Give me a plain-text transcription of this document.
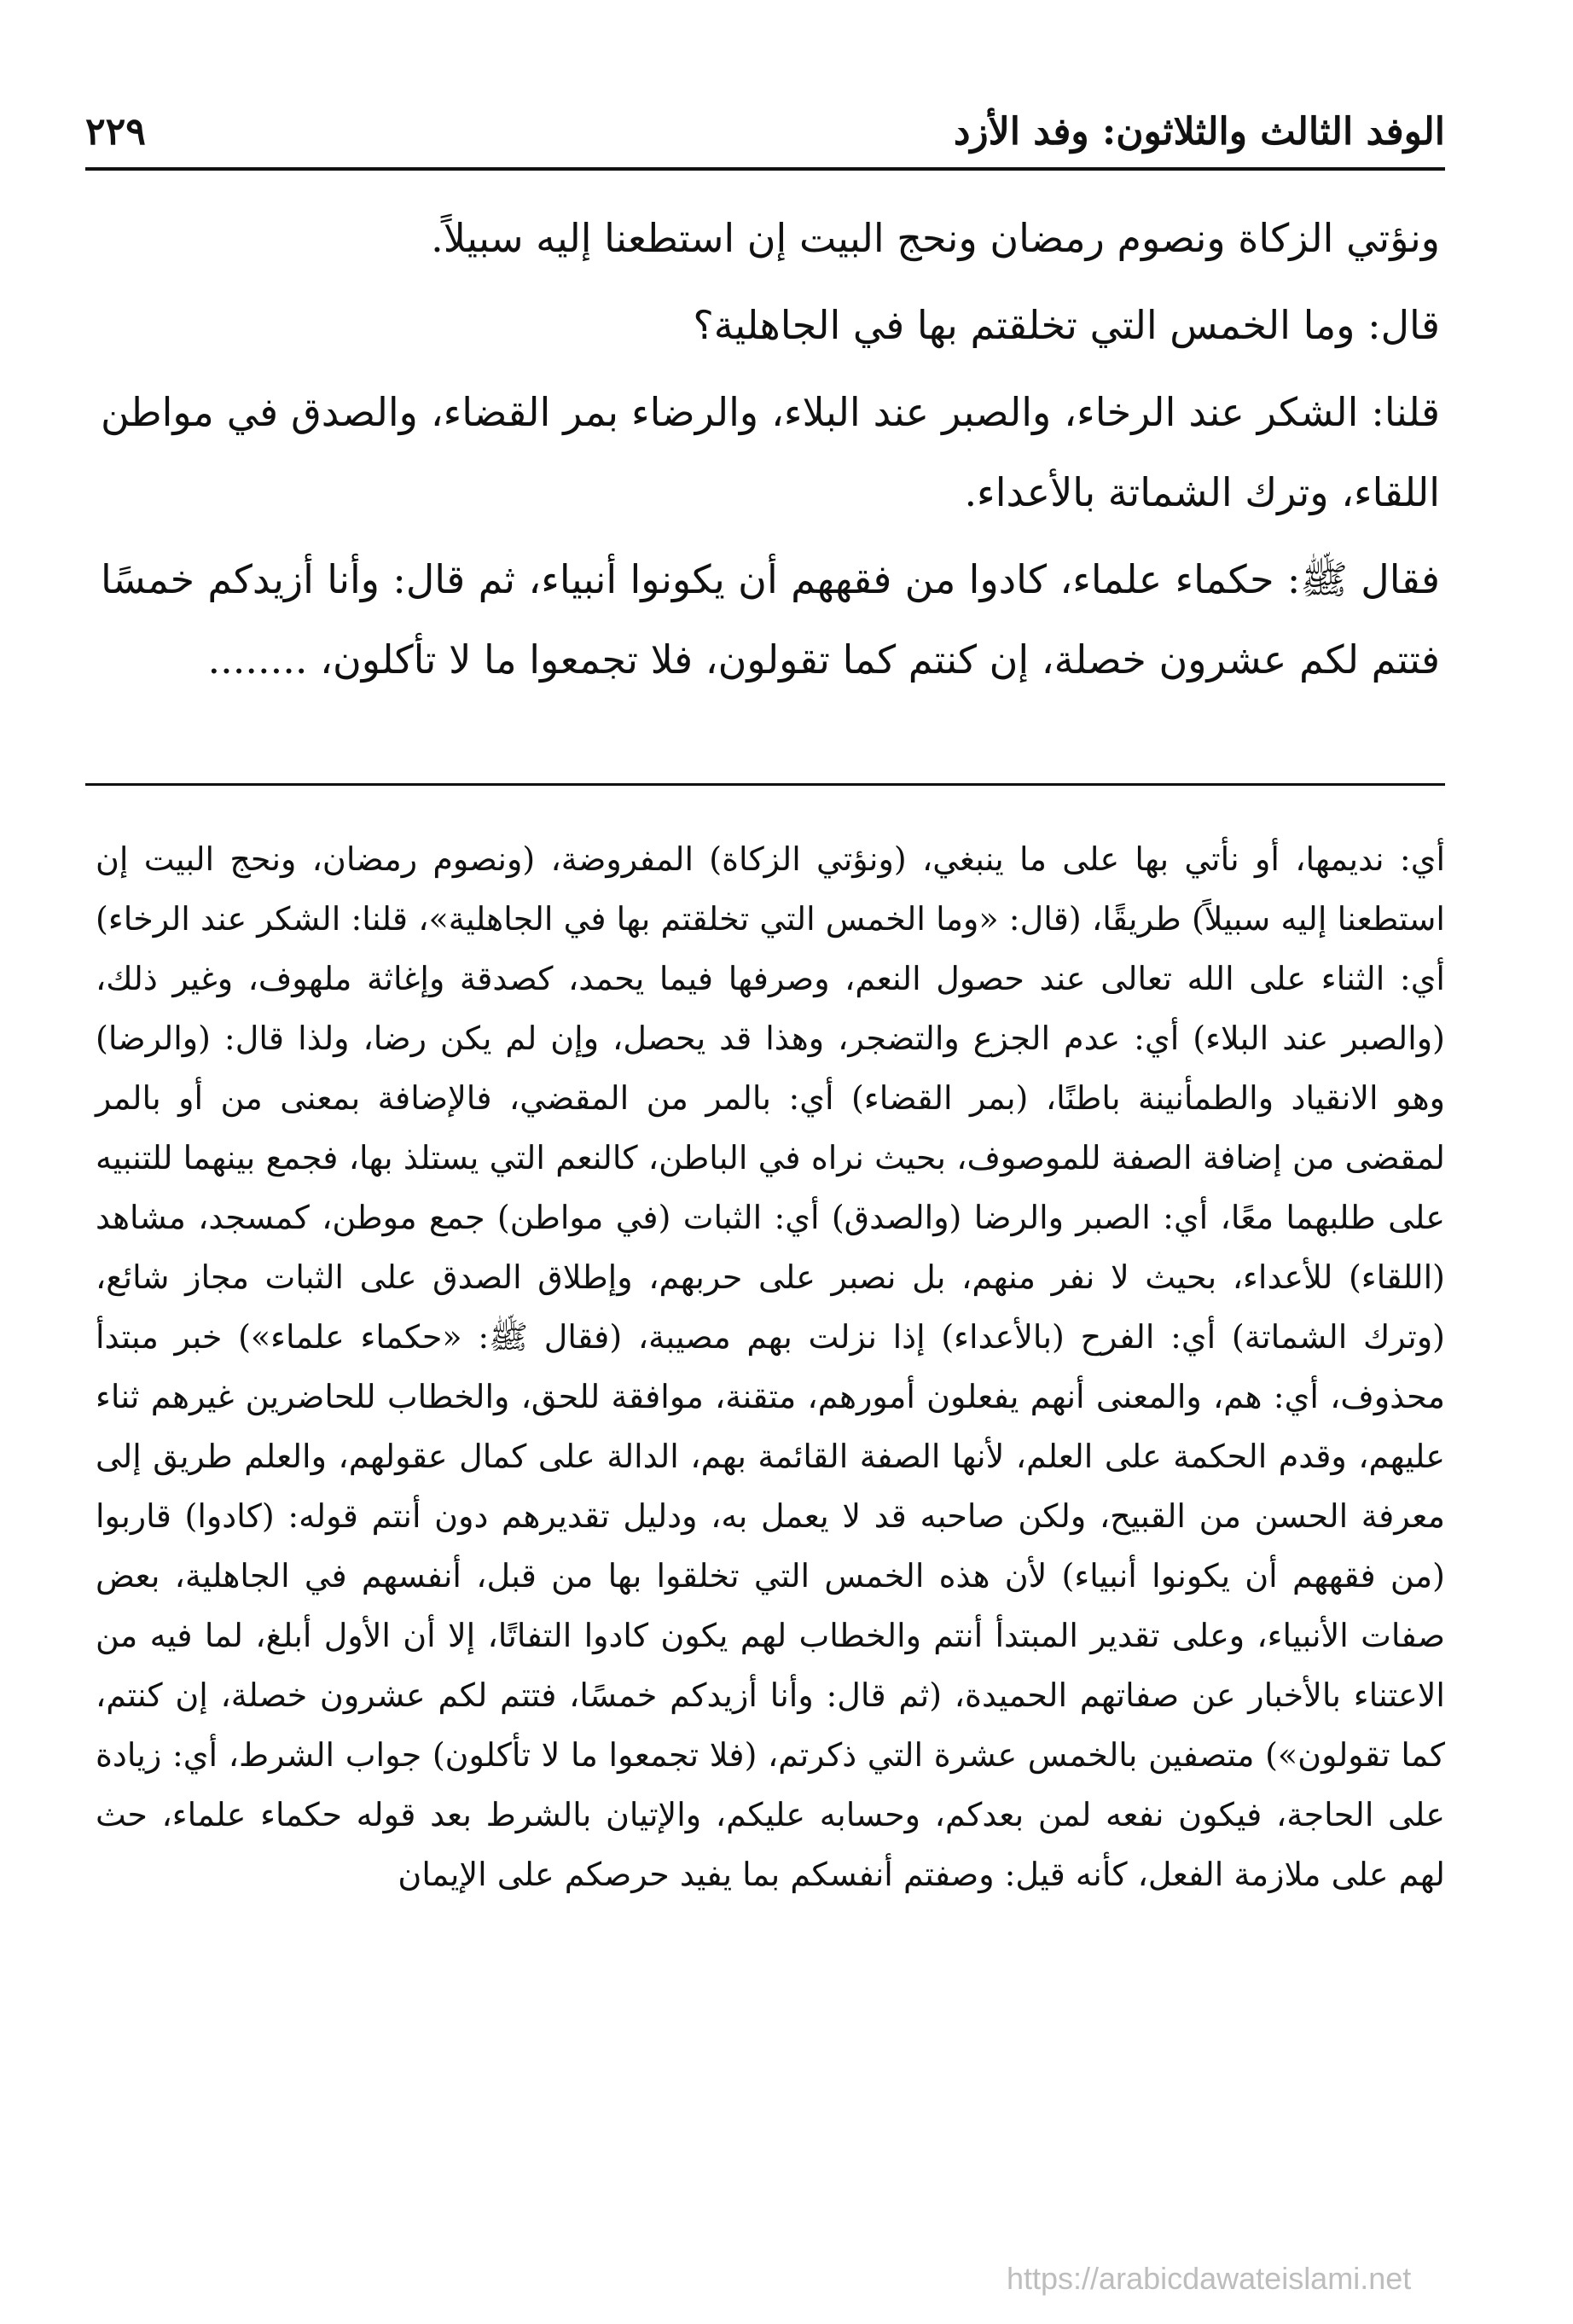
الوفد الثالث والثلاثون: وفد الأزد
٢٢٩

ونؤتي الزكاة ونصوم رمضان ونحج البيت إن استطعنا إليه سبيلاً.

قال: وما الخمس التي تخلقتم بها في الجاهلية؟

قلنا: الشكر عند الرخاء، والصبر عند البلاء، والرضاء بمر القضاء، والصدق في مواطن اللقاء، وترك الشماتة بالأعداء.

فقال ﷺ: حكماء علماء، كادوا من فقههم أن يكونوا أنبياء، ثم قال: وأنا أزيدكم خمسًا فتتم لكم عشرون خصلة، إن كنتم كما تقولون، فلا تجمعوا ما لا تأكلون، ........

أي: نديمها، أو نأتي بها على ما ينبغي، (ونؤتي الزكاة) المفروضة، (ونصوم رمضان، ونحج البيت إن استطعنا إليه سبيلاً) طريقًا، (قال: «وما الخمس التي تخلقتم بها في الجاهلية»، قلنا: الشكر عند الرخاء) أي: الثناء على الله تعالى عند حصول النعم، وصرفها فيما يحمد، كصدقة وإغاثة ملهوف، وغير ذلك، (والصبر عند البلاء) أي: عدم الجزع والتضجر، وهذا قد يحصل، وإن لم يكن رضا، ولذا قال: (والرضا) وهو الانقياد والطمأنينة باطنًا، (بمر القضاء) أي: بالمر من المقضي، فالإضافة بمعنى من أو بالمر لمقضى من إضافة الصفة للموصوف، بحيث نراه في الباطن، كالنعم التي يستلذ بها، فجمع بينهما للتنبيه على طلبهما معًا، أي: الصبر والرضا (والصدق) أي: الثبات (في مواطن) جمع موطن، كمسجد، مشاهد (اللقاء) للأعداء، بحيث لا نفر منهم، بل نصبر على حربهم، وإطلاق الصدق على الثبات مجاز شائع، (وترك الشماتة) أي: الفرح (بالأعداء) إذا نزلت بهم مصيبة، (فقال ﷺ: «حكماء علماء») خبر مبتدأ محذوف، أي: هم، والمعنى أنهم يفعلون أمورهم، متقنة، موافقة للحق، والخطاب للحاضرين غيرهم ثناء عليهم، وقدم الحكمة على العلم، لأنها الصفة القائمة بهم، الدالة على كمال عقولهم، والعلم طريق إلى معرفة الحسن من القبيح، ولكن صاحبه قد لا يعمل به، ودليل تقديرهم دون أنتم قوله: (كادوا) قاربوا (من فقههم أن يكونوا أنبياء) لأن هذه الخمس التي تخلقوا بها من قبل، أنفسهم في الجاهلية، بعض صفات الأنبياء، وعلى تقدير المبتدأ أنتم والخطاب لهم يكون كادوا التفاتًا، إلا أن الأول أبلغ، لما فيه من الاعتناء بالأخبار عن صفاتهم الحميدة، (ثم قال: وأنا أزيدكم خمسًا، فتتم لكم عشرون خصلة، إن كنتم، كما تقولون») متصفين بالخمس عشرة التي ذكرتم، (فلا تجمعوا ما لا تأكلون) جواب الشرط، أي: زيادة على الحاجة، فيكون نفعه لمن بعدكم، وحسابه عليكم، والإتيان بالشرط بعد قوله حكماء علماء، حث لهم على ملازمة الفعل، كأنه قيل: وصفتم أنفسكم بما يفيد حرصكم على الإيمان

https://arabicdawateislami.net
